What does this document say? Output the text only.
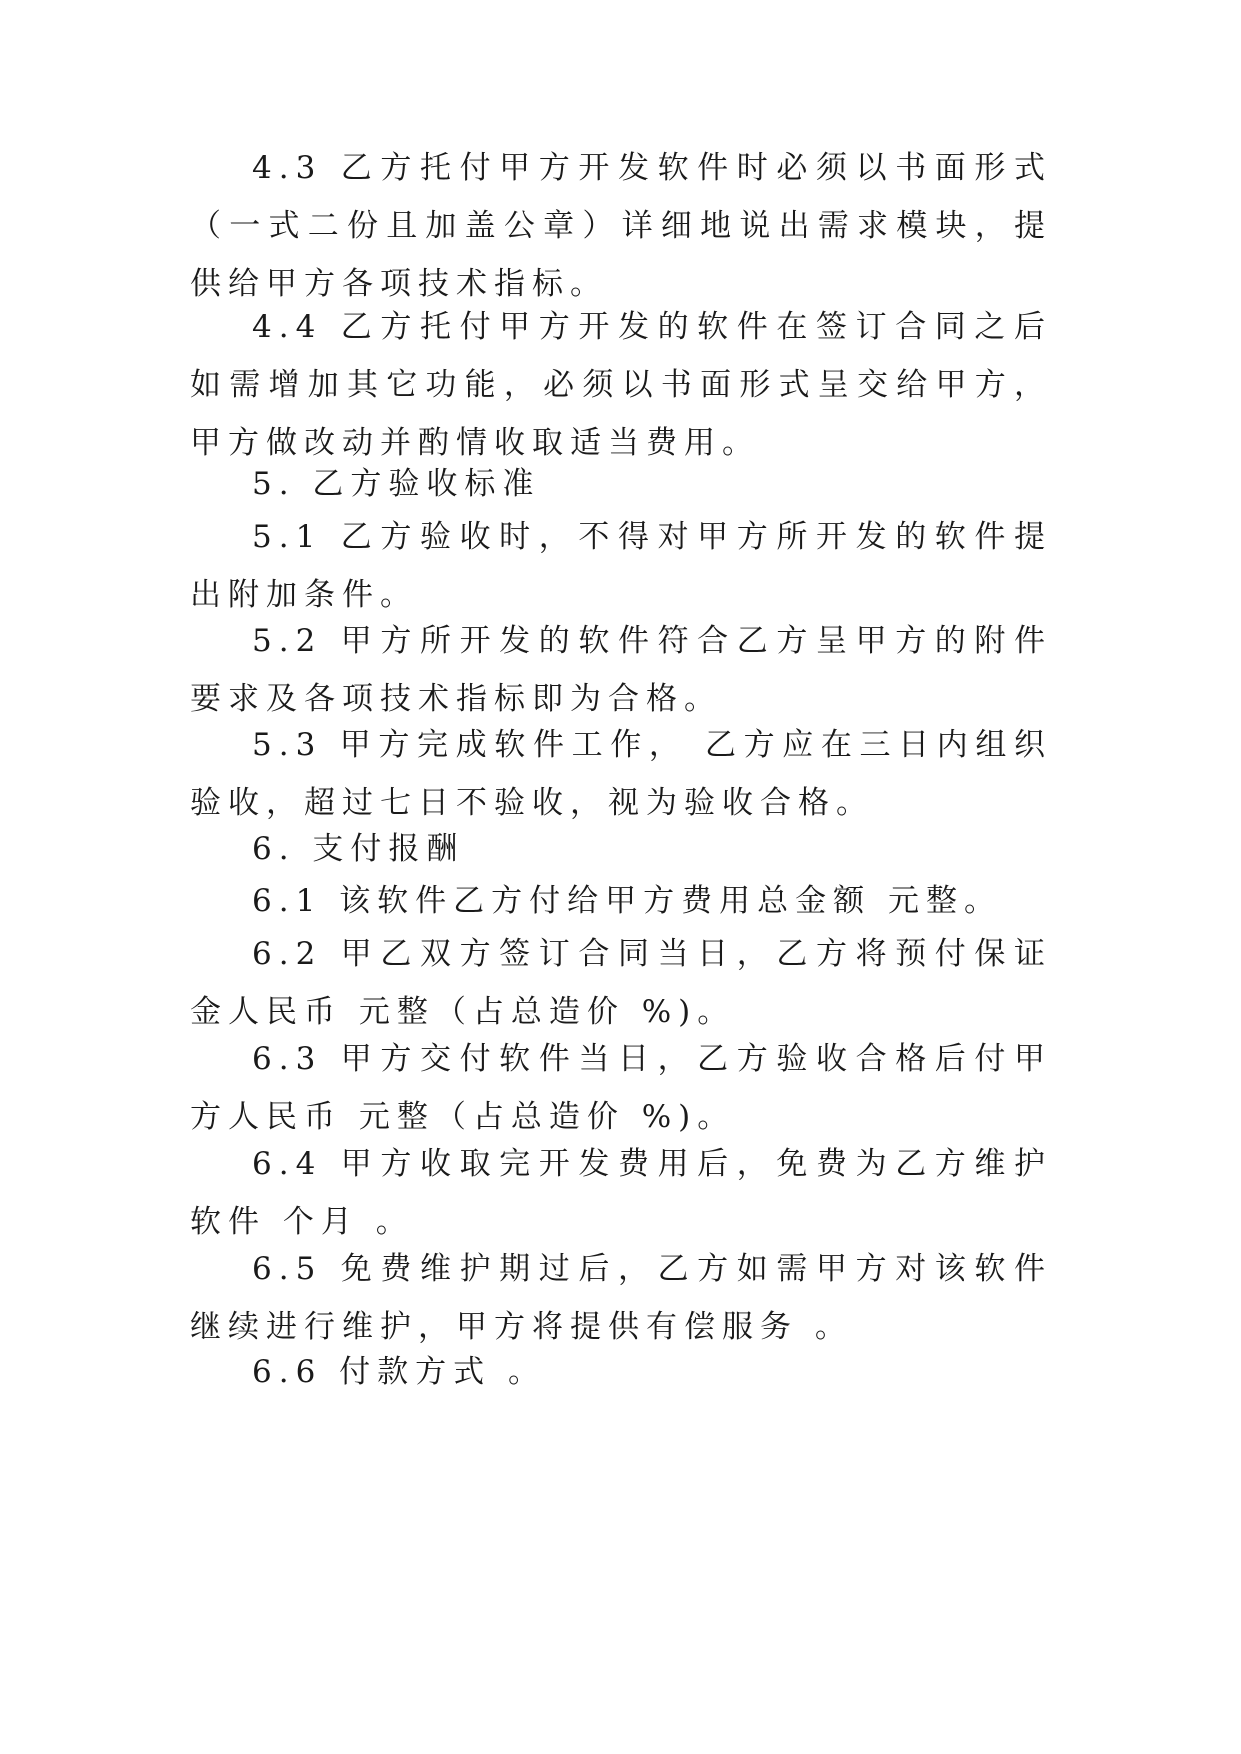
4.3 乙方托付甲方开发软件时必须以书面形式（一式二份且加盖公章）详细地说出需求模块，提供给甲方各项技术指标。

4.4 乙方托付甲方开发的软件在签订合同之后如需增加其它功能，必须以书面形式呈交给甲方，甲方做改动并酌情收取适当费用。

5. 乙方验收标准

5.1 乙方验收时，不得对甲方所开发的软件提出附加条件。

5.2 甲方所开发的软件符合乙方呈甲方的附件要求及各项技术指标即为合格。

5.3 甲方完成软件工作， 乙方应在三日内组织验收，超过七日不验收，视为验收合格。

6. 支付报酬

6.1 该软件乙方付给甲方费用总金额 元整。

6.2 甲乙双方签订合同当日，乙方将预付保证金人民币 元整（占总造价 %)。

6.3 甲方交付软件当日，乙方验收合格后付甲方人民币 元整（占总造价 %)。

6.4 甲方收取完开发费用后，免费为乙方维护软件 个月 。

6.5 免费维护期过后，乙方如需甲方对该软件继续进行维护，甲方将提供有偿服务 。

6.6 付款方式 。
